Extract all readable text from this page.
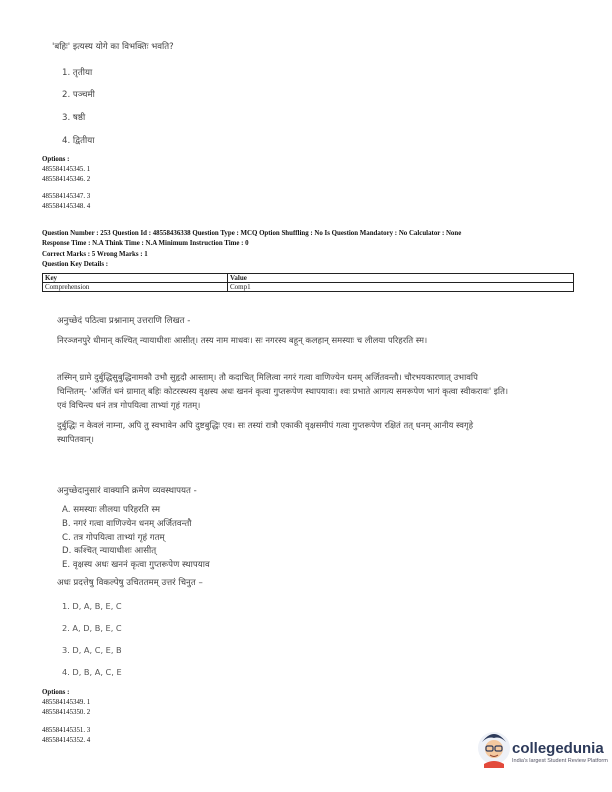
'बहिः' इत्यस्य योगे का विभक्तिः भवति?
1. तृतीया
2. पञ्चमी
3. षष्ठी
4. द्वितीया
Options :
485584145345. 1
485584145346. 2
485584145347. 3
485584145348. 4
Question Number : 253 Question Id : 48558436338 Question Type : MCQ Option Shuffling : No Is Question Mandatory : No Calculator : None
Response Time : N.A Think Time : N.A Minimum Instruction Time : 0
Correct Marks : 5 Wrong Marks : 1
Question Key Details :
Key	Value
Comprehension	Comp1
अनुच्छेदं पठित्वा प्रश्नानाम् उत्तराणि लिखत -
निरञ्जनपुरे धीमान् कश्चित् न्यायाधीशः आसीत्। तस्य नाम माधवः। सः नगरस्य बहून् कलहान् समस्याः च लीलया परिहरति स्म।
तस्मिन् ग्रामे दुर्बुद्धिसुबुद्धिनामकौ उभौ सुहृदौ आस्ताम्। तौ कदाचित् मिलित्वा नगरं गत्वा वाणिज्येन धनम् अर्जितवन्तौ। चौरभयकारणात् उभावपि चिन्तितम्- 'अर्जितं धनं ग्रामात् बहिः कोटरस्थस्य वृक्षस्य अधः खननं कृत्वा गुप्तरूपेण स्थापयावः। श्वः प्रभाते आगत्य समरूपेण भागं कृत्वा स्वीकरावः' इति। एवं विचिन्त्य धनं तत्र गोपयित्वा ताभ्यां गृहं गतम्।
दुर्बुद्धिः न केवलं नाम्ना, अपि तु स्वभावेन अपि दुष्टबुद्धिः एव। सः तस्यां रात्रौ एकाकी वृक्षसमीपं गत्वा गुप्तरूपेण रक्षितं तत् धनम् आनीय स्वगृहे स्थापितवान्।
अनुच्छेदानुसारं वाक्यानि क्रमेण व्यवस्थापयत -
A. समस्याः लीलया परिहरति स्म
B. नगरं गत्वा वाणिज्येन धनम् अर्जितवन्तौ
C. तत्र गोपयित्वा ताभ्यां गृहं गतम्
D. कश्चित् न्यायाधीशः आसीत्
E. वृक्षस्य अधः खननं कृत्वा गुप्तरूपेण स्थापयाव
अधः प्रदत्तेषु विकल्पेषु उचिततमम् उत्तरं चिनुत –
1. D, A, B, E, C
2. A, D, B, E, C
3. D, A, C, E, B
4. D, B, A, C, E
Options :
485584145349. 1
485584145350. 2
485584145351. 3
485584145352. 4	collegedunia
India's largest Student Review Platform
